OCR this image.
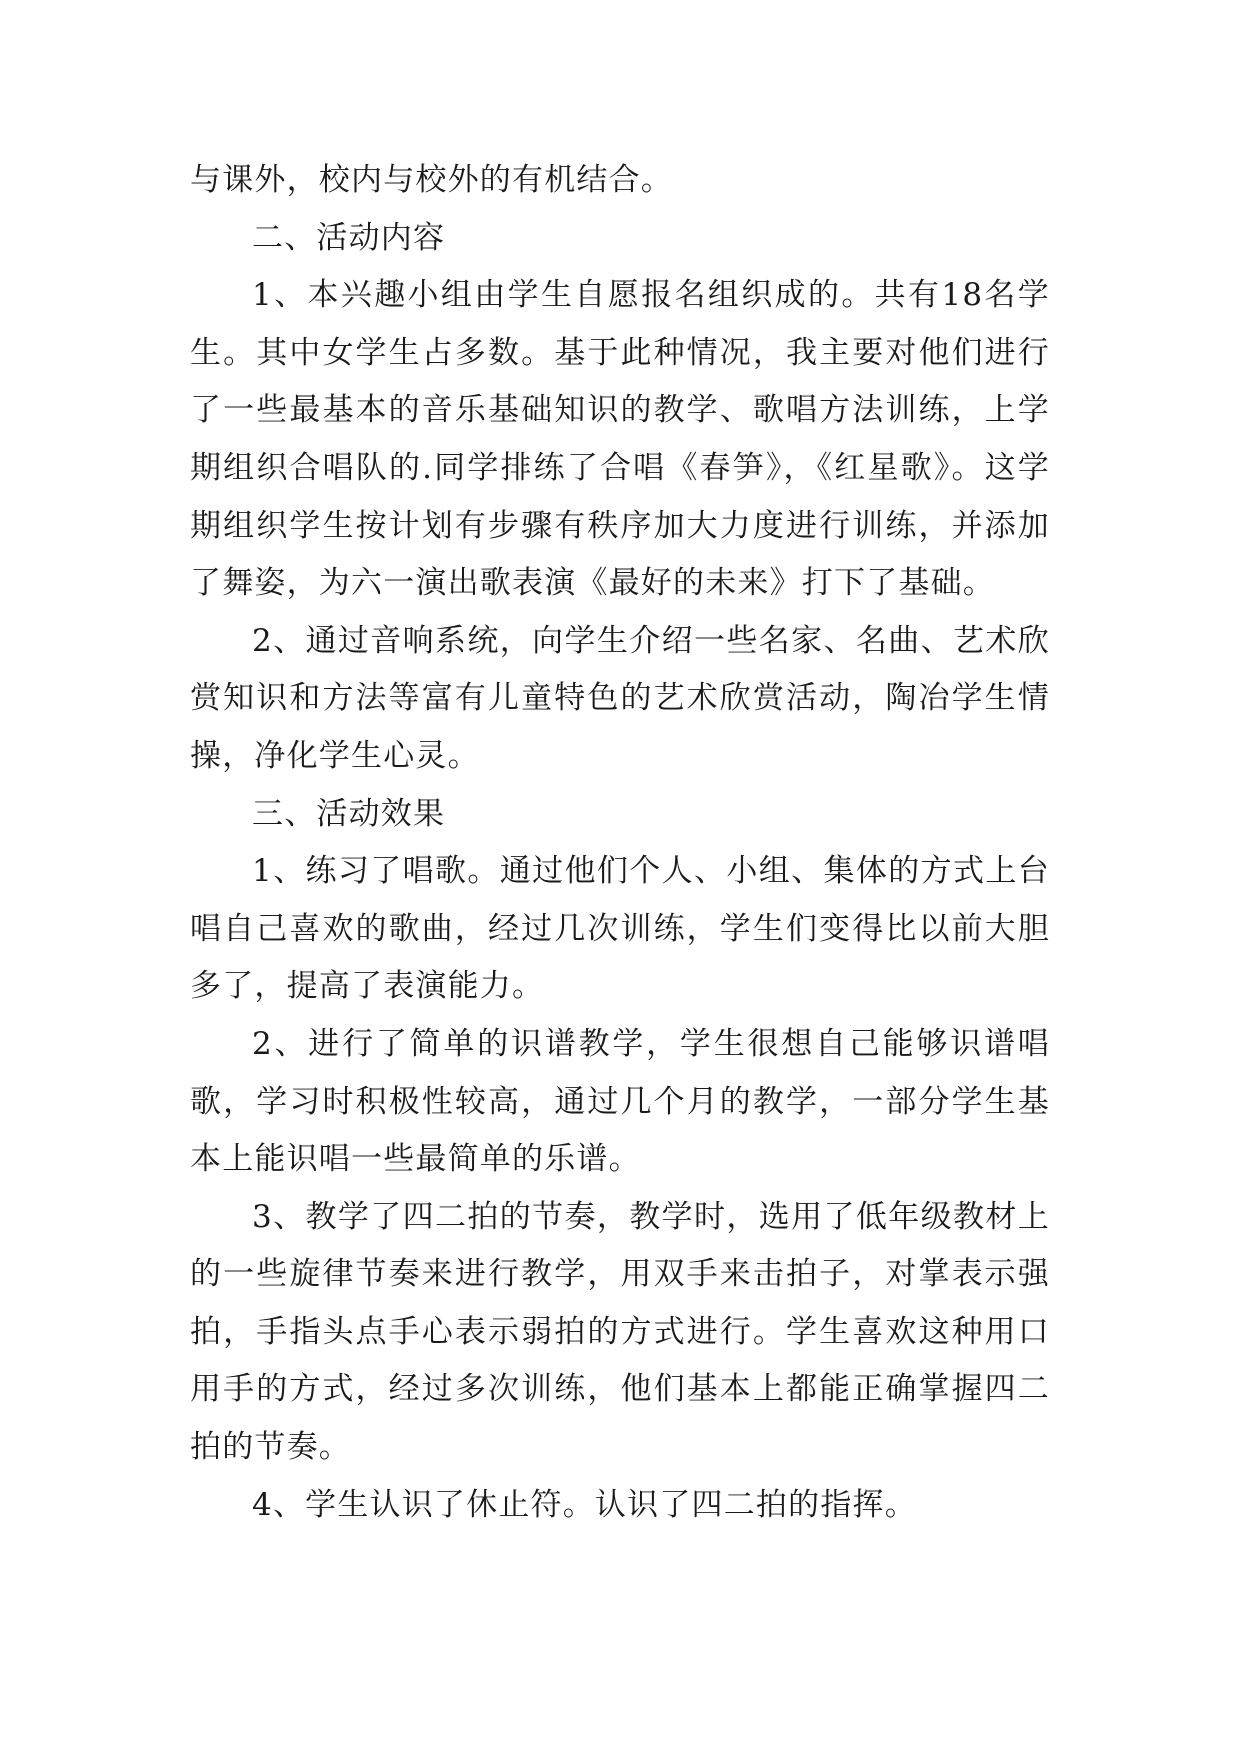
与课外，校内与校外的有机结合。

二、活动内容

1、本兴趣小组由学生自愿报名组织成的。共有18名学生。其中女学生占多数。基于此种情况，我主要对他们进行了一些最基本的音乐基础知识的教学、歌唱方法训练，上学期组织合唱队的.同学排练了合唱《春笋》，《红星歌》。这学期组织学生按计划有步骤有秩序加大力度进行训练，并添加了舞姿，为六一演出歌表演《最好的未来》打下了基础。

2、通过音响系统，向学生介绍一些名家、名曲、艺术欣赏知识和方法等富有儿童特色的艺术欣赏活动，陶冶学生情操，净化学生心灵。

三、活动效果

1、练习了唱歌。通过他们个人、小组、集体的方式上台唱自己喜欢的歌曲，经过几次训练，学生们变得比以前大胆多了，提高了表演能力。

2、进行了简单的识谱教学，学生很想自己能够识谱唱歌，学习时积极性较高，通过几个月的教学，一部分学生基本上能识唱一些最简单的乐谱。

3、教学了四二拍的节奏，教学时，选用了低年级教材上的一些旋律节奏来进行教学，用双手来击拍子，对掌表示强拍，手指头点手心表示弱拍的方式进行。学生喜欢这种用口用手的方式，经过多次训练，他们基本上都能正确掌握四二拍的节奏。

4、学生认识了休止符。认识了四二拍的指挥。
